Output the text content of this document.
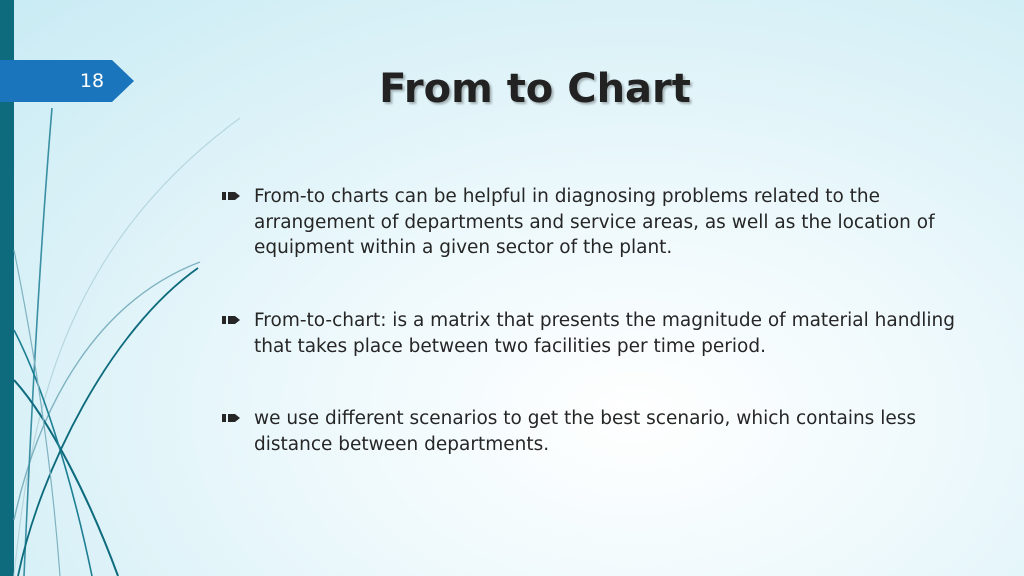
18	From to Chart
From-to charts can be helpful in diagnosing problems related to the arrangement of departments and service areas, as well as the location of equipment within a given sector of the plant.
From-to-chart: is a matrix that presents the magnitude of material handling that takes place between two facilities per time period.
we use different scenarios to get the best scenario, which contains less distance between departments.
